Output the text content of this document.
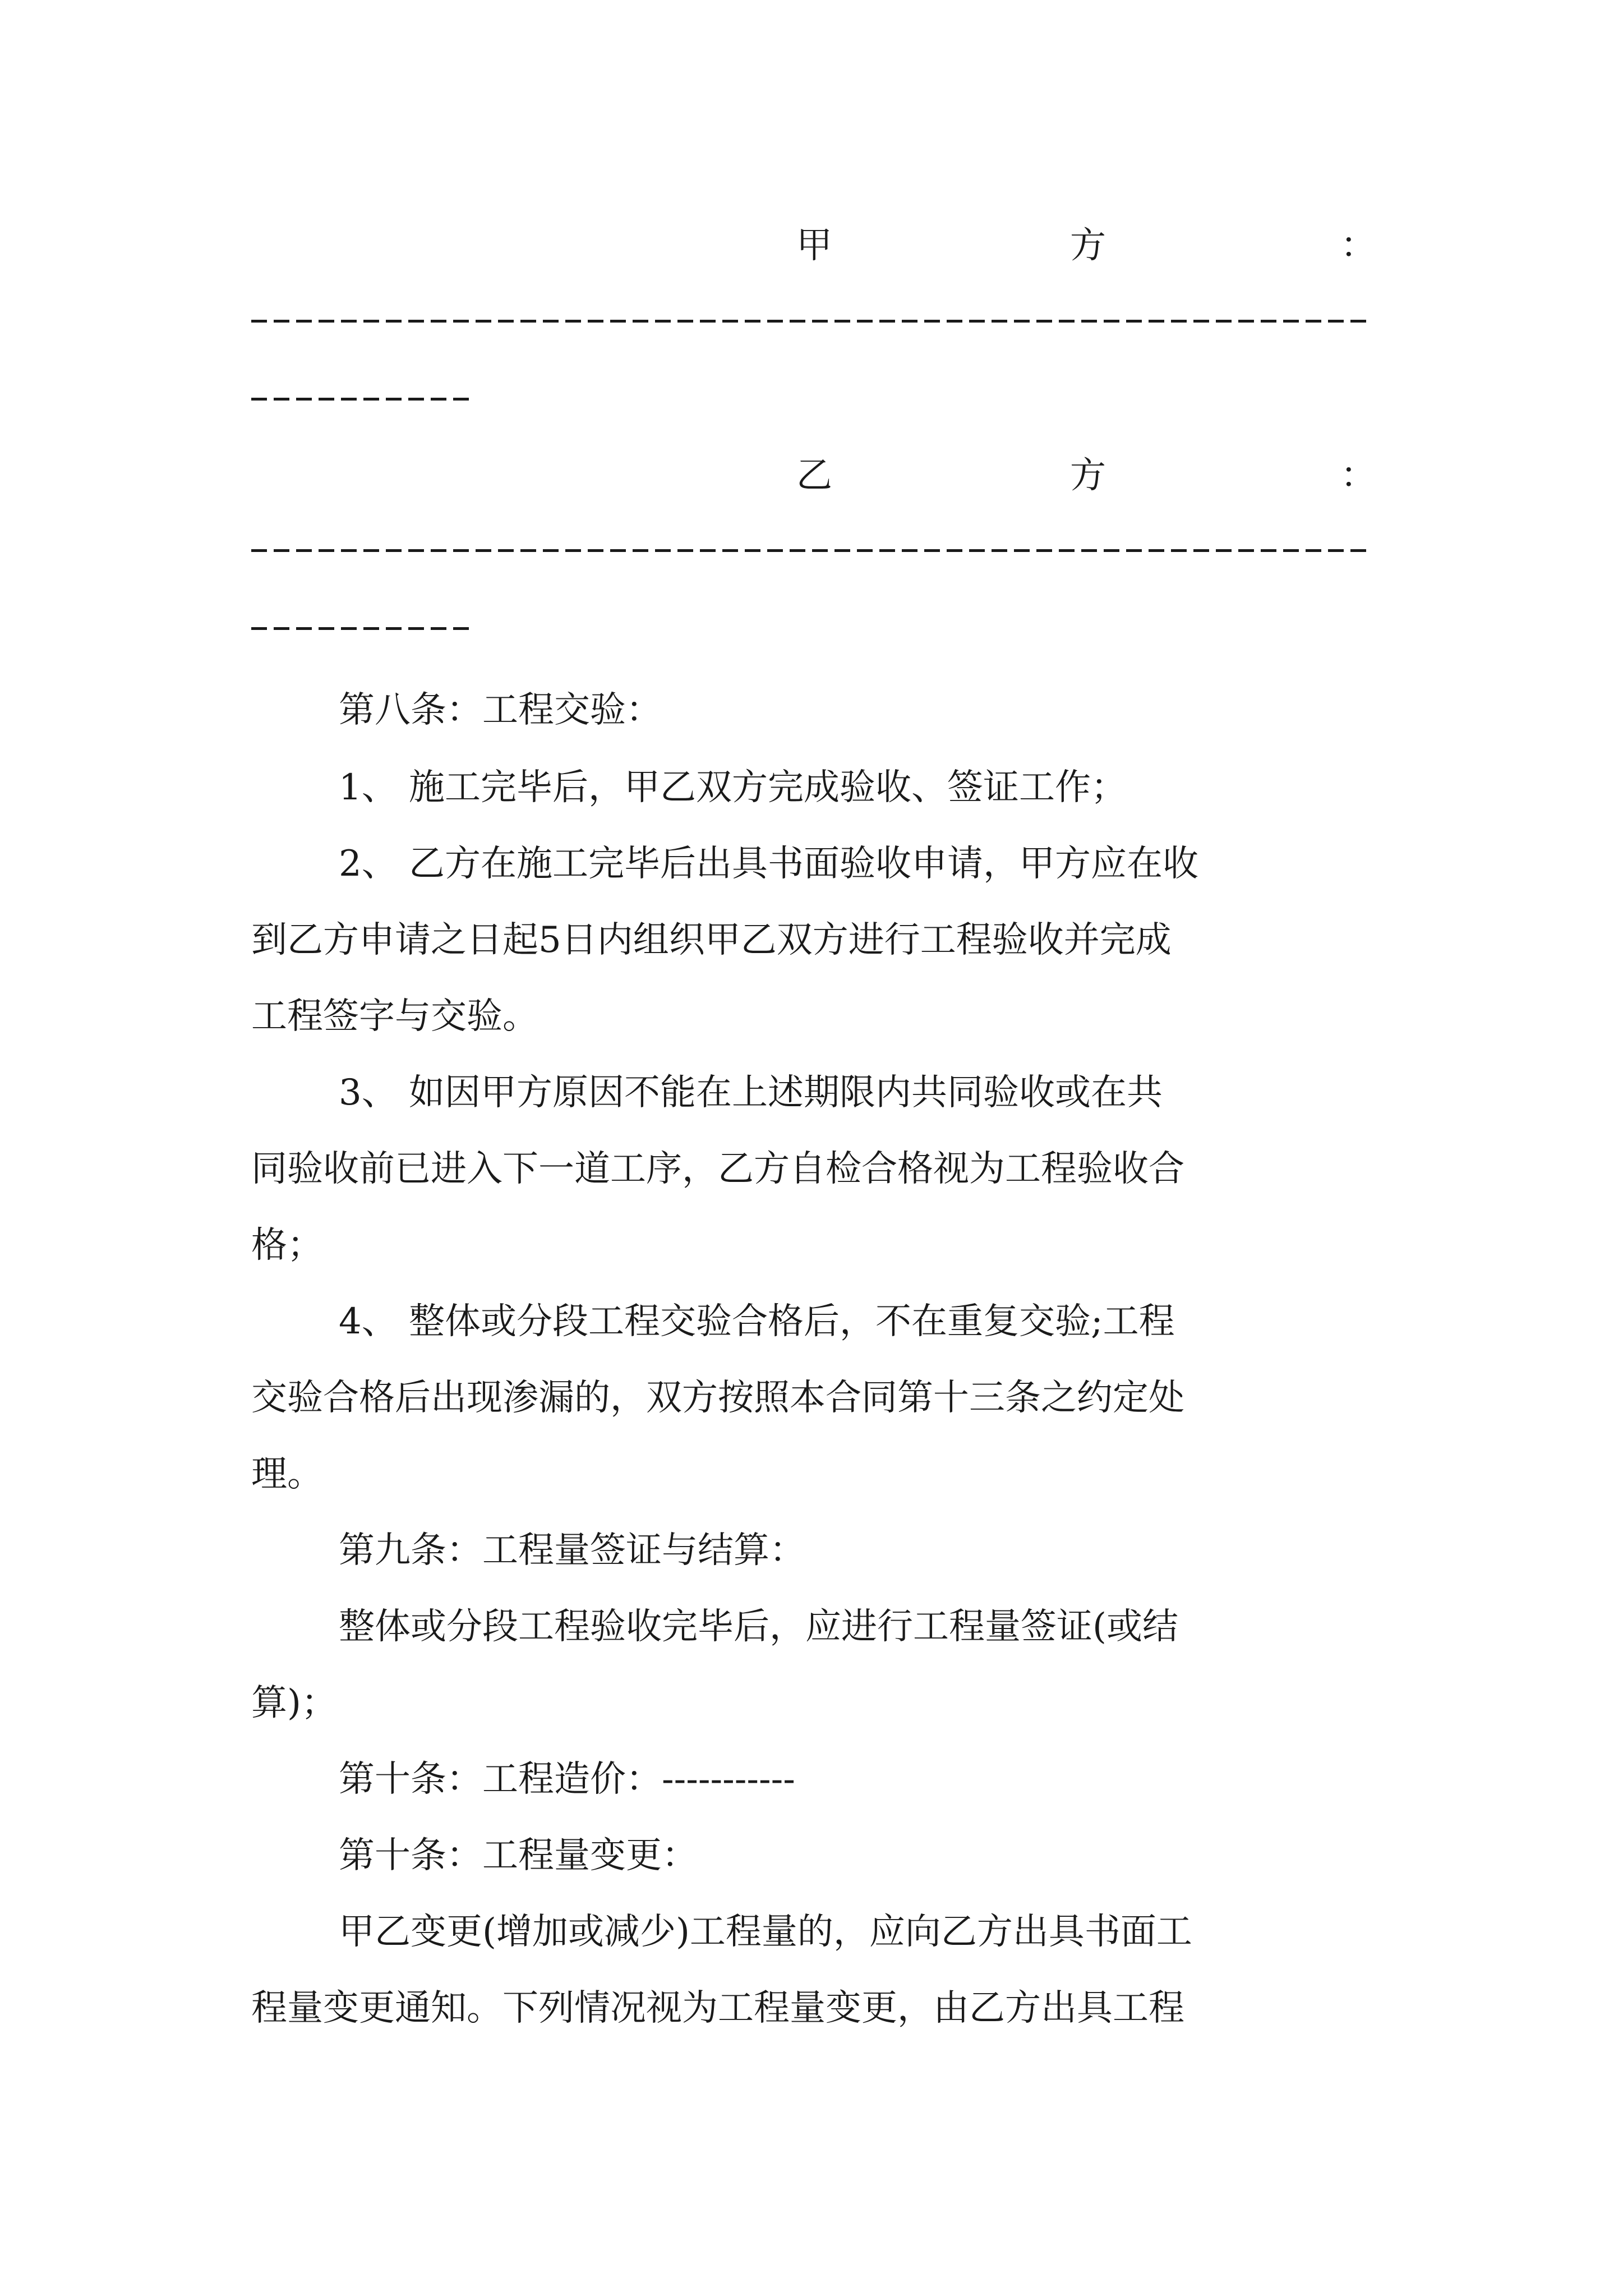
甲	方	：
乙	方	：
第八条：工程交验：
1、 施工完毕后，甲乙双方完成验收、签证工作；
2、 乙方在施工完毕后出具书面验收申请，甲方应在收
到乙方申请之日起5日内组织甲乙双方进行工程验收并完成
工程签字与交验。
3、 如因甲方原因不能在上述期限内共同验收或在共
同验收前已进入下一道工序，乙方自检合格视为工程验收合
格；
4、 整体或分段工程交验合格后，不在重复交验;工程
交验合格后出现渗漏的，双方按照本合同第十三条之约定处
理。
第九条：工程量签证与结算：
整体或分段工程验收完毕后，应进行工程量签证(或结
算)；
第十条：工程造价：-----------
第十条：工程量变更：
甲乙变更(增加或减少)工程量的，应向乙方出具书面工
程量变更通知。下列情况视为工程量变更，由乙方出具工程
